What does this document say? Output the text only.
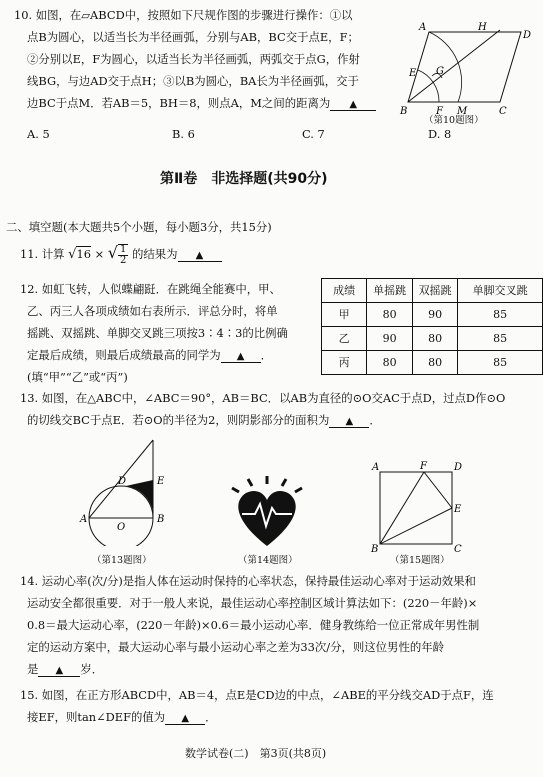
10. 如图，在▱ABCD中，按照如下尺规作图的步骤进行操作：①以
点B为圆心，以适当长为半径画弧，分别与AB，BC交于点E，F；
②分别以E，F为圆心，以适当长为半径画弧，两弧交于点G，作射
线BG，与边AD交于点H；③以B为圆心，BA长为半径画弧，交于
边BC于点M．若AB＝5，BH＝8，则点A，M之间的距离为 ▲
A. 5	B. 6	C. 7	D. 8
A	H
D
E G
B	F M	C
（第10题图）
第Ⅱ卷　非选择题(共90分)
二、填空题(本大题共5个小题，每小题3分，共15分)
11. 计算 √16 × √ $\frac{1}{2}$ 的结果为 ▲
12. 如虹飞转，人似蝶翩跹．在跳绳全能赛中，甲、
乙、丙三人各项成绩如右表所示．评总分时，将单
摇跳、双摇跳、单脚交叉跳三项按3∶4∶3的比例确
定最后成绩，则最后成绩最高的同学为 ▲ ．
(填“甲”“乙”或“丙”)
成绩	单摇跳	双摇跳	单脚交叉跳
甲	80	90	85
乙	90	80	85
丙	80	80	85
13. 如图，在△ABC中，∠ABC＝90°，AB＝BC．以AB为直径的⊙O交AC于点D，过点D作⊙O
的切线交BC于点E．若⊙O的半径为2，则阴影部分的面积为 ▲ ．
D	E
A
O
B
（第13题图）	（第14题图）
A	F	D
E
B	C
（第15题图）
14. 运动心率(次/分)是指人体在运动时保持的心率状态，保持最佳运动心率对于运动效果和
运动安全都很重要．对于一般人来说，最佳运动心率控制区域计算法如下：(220－年龄)×
0.8＝最大运动心率，(220－年龄)×0.6＝最小运动心率．健身教练给一位正常成年男性制
定的运动方案中，最大运动心率与最小运动心率之差为33次/分，则这位男性的年龄
是 ▲ 岁．
15. 如图，在正方形ABCD中，AB＝4，点E是CD边的中点，∠ABE的平分线交AD于点F，连
接EF，则tan∠DEF的值为 ▲ ．
数学试卷(二)　第3页(共8页)
